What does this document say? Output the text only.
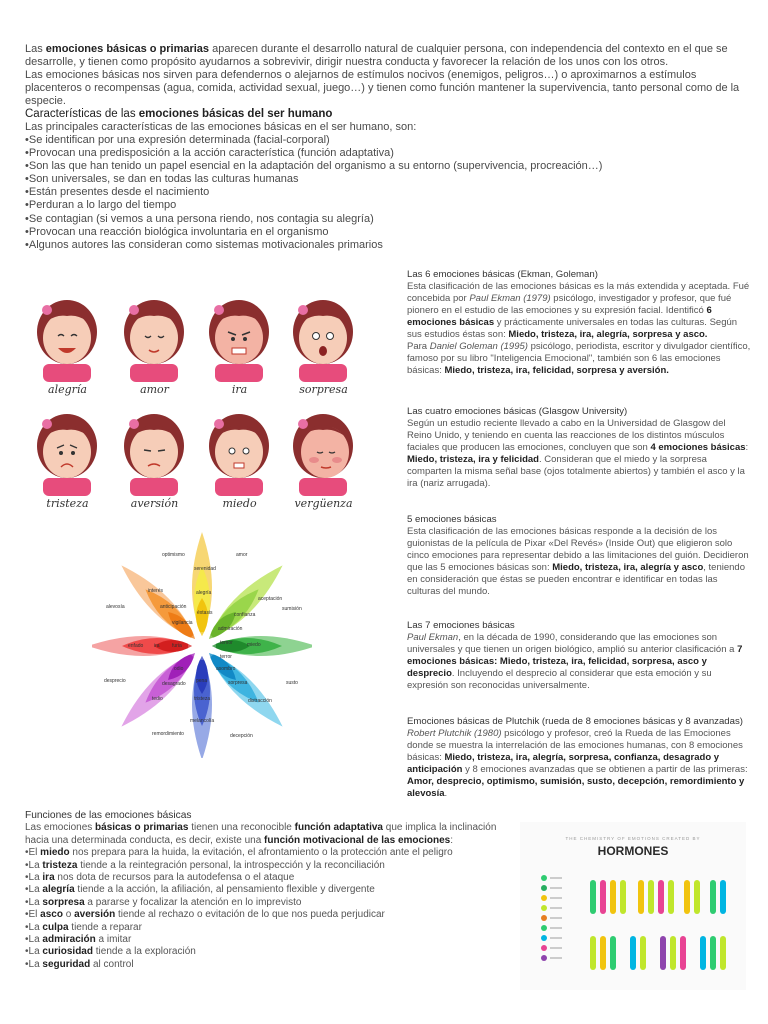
Las emociones básicas o primarias aparecen durante el desarrollo natural de cualquier persona, con independencia del contexto en el que se desarrolle, y tienen como propósito ayudarnos a sobrevivir, dirigir nuestra conducta y favorecer la relación de los unos con los otros.

Las emociones básicas nos sirven para defendernos o alejarnos de estímulos nocivos (enemigos, peligros…) o aproximarnos a estímulos placenteros o recompensas (agua, comida, actividad sexual, juego…) y tienen como función mantener la supervivencia, tanto personal como de la especie.

Características de las emociones básicas del ser humano

Las principales características de las emociones básicas en el ser humano, son:

•Se identifican por una expresión determinada (facial-corporal)
•Provocan una predisposición a la acción característica (función adaptativa)
•Son las que han tenido un papel esencial en la adaptación del organismo a su entorno (supervivencia, procreación…)
•Son universales, se dan en todas las culturas humanas
•Están presentes desde el nacimiento
•Perduran a lo largo del tiempo
•Se contagian (si vemos a una persona riendo, nos contagia su alegría)
•Provocan una reacción biológica involuntaria en el organismo
•Algunos autores las consideran como sistemas motivacionales primarios
Las 6 emociones básicas (Ekman, Goleman)

Esta clasificación de las emociones básicas es la más extendida y aceptada. Fué concebida por Paul Ekman (1979) psicólogo, investigador y profesor, que fué pionero en el estudio de las emociones y su expresión facial. Identificó 6 emociones básicas y prácticamente universales en todas las culturas. Según sus estudios éstas son: Miedo, tristeza, ira, alegría, sorpresa y asco.
Para Daniel Goleman (1995) psicólogo, periodista, escritor y divulgador científico, famoso por su libro "Inteligencia Emocional", también son 6 las emociones básicas: Miedo, tristeza, ira, felicidad, sorpresa y aversión.

Las cuatro emociones básicas (Glasgow University)

Según un estudio reciente llevado a cabo en la Universidad de Glasgow del Reino Unido, y teniendo en cuenta las reacciones de los distintos músculos faciales que producen las emociones, concluyen que son 4 emociones básicas: Miedo, tristeza, ira y felicidad. Consideran que el miedo y la sorpresa comparten la misma señal base (ojos totalmente abiertos) y también el asco y la ira (nariz arrugada).

5 emociones básicas

Esta clasificación de las emociones básicas responde a la decisión de los guionistas de la película de Pixar «Del Revés» (Inside Out) que eligieron solo cinco emociones para representar debido a las limitaciones del guión. Decidieron que las 5 emociones básicas son: Miedo, tristeza, ira, alegría y asco, teniendo en consideración que éstas se pueden encontrar e identificar en todas las culturas del mundo.

Las 7 emociones básicas

Paul Ekman, en la década de 1990, considerando que las emociones son universales y que tienen un origen biológico, amplió su anterior clasificación a 7 emociones básicas: Miedo, tristeza, ira, felicidad, sorpresa, asco y desprecio. Incluyendo el desprecio al considerar que esta emoción y su expresión son reconocidas universalmente.

Emociones básicas de Plutchik (rueda de 8 emociones básicas y 8 avanzadas)

Robert Plutchik (1980) psicólogo y profesor, creó la Rueda de las Emociones donde se muestra la interrelación de las emociones humanas, con 8 emociones básicas: Miedo, tristeza, ira, alegría, sorpresa, confianza, desagrado y anticipación y 8 emociones avanzadas que se obtienen a partir de las primeras: Amor, desprecio, optimismo, sumisión, susto, decepción, remordimiento y alevosía.

alegría	amor	ira	sorpresa
tristeza	aversión	miedo	vergüenza
optimismo	amor
sumisión
susto
decepción
remordimiento
desprecio
alevosía
serenidad
alegría
éxtasis
aceptación
confianza
admiración
temor	miedo
terror
distracción
sorpresa
asombro
melancolía
tristeza
pena
tedio
desagrado
odio
enfado ira furia
interés
anticipación
vigilancia
Funciones de las emociones básicas

Las emociones básicas o primarias tienen una reconocible función adaptativa que implica la inclinación hacia una determinada conducta, es decir, existe una función motivacional de las emociones:

•El miedo nos prepara para la huida, la evitación, el afrontamiento o la protección ante el peligro
•La tristeza tiende a la reintegración personal, la introspección y la reconciliación
•La ira nos dota de recursos para la autodefensa o el ataque
•La alegría tiende a la acción, la afiliación, al pensamiento flexible y divergente
•La sorpresa a pararse y focalizar la atención en lo imprevisto
•El asco o aversión tiende al rechazo o evitación de lo que nos pueda perjudicar
•La culpa tiende a reparar
•La admiración a imitar
•La curiosidad tiende a la exploración
•La seguridad al control
THE CHEMISTRY OF EMOTIONS CREATED BY
HORMONES
